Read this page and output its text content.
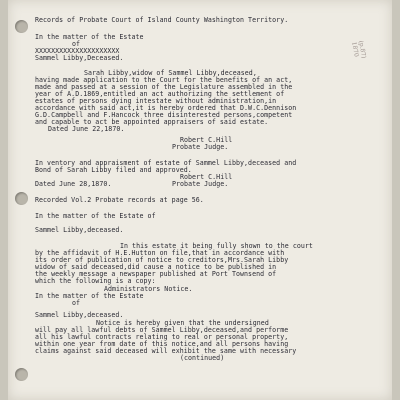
(p.87)
1870
Records of Probate Court of Island County Washington Territory.
In the matter of the Estate
of
XXXXXXXXXXXXXXXXXXXXX
Sammel Libby,Deceased.
Sarah Libby,widow of Sammel Libby,deceased,
having made application to the Court for the benefits of an act,
made and passed at a session of the Legislature assembled in the
year of A.D.1869,entitled an act authorizing the settlement of
estates of persons dying intestate without administration,in
accordance with said act,it is hereby ordered that D.W.C.Dennison
G.D.Campbell and F.Hancock three disinterested persons,competent
and capable to act be appointed appraisers of said estate.
Dated June 22,1870.
Robert C.Hill
Probate Judge.
In ventory and appraisment of estate of Sammel Libby,deceased and
Bond of Sarah Libby filed and approved.
Robert C.Hill
Dated June 28,1870.	Probate Judge.
Recorded Vol.2 Probate records at page 56.
In the matter of the Estate of
Sammel Libby,deceased.
In this estate it being fully shown to the court
by the affidavit of H.E.Hutton on file,that in accordance with
its order of publication of notice to creditors,Mrs.Sarah Libby
widow of said deceased,did cause a notice to be published in
the weekly message a newspaper published at Port Townsend of
which the following is a copy:
Administrators Notice.
In the matter of the Estate
of
Sammel Libby,deceased.
Notice is hereby given that the undersigned
will pay all lawful debts of Sammel Libby,deceased,and performe
all his lawful contracts relating to real or personal property,
within one year from date of this notice,and all persons having
claims against said deceased will exhibit the same with necessary
(continued)
